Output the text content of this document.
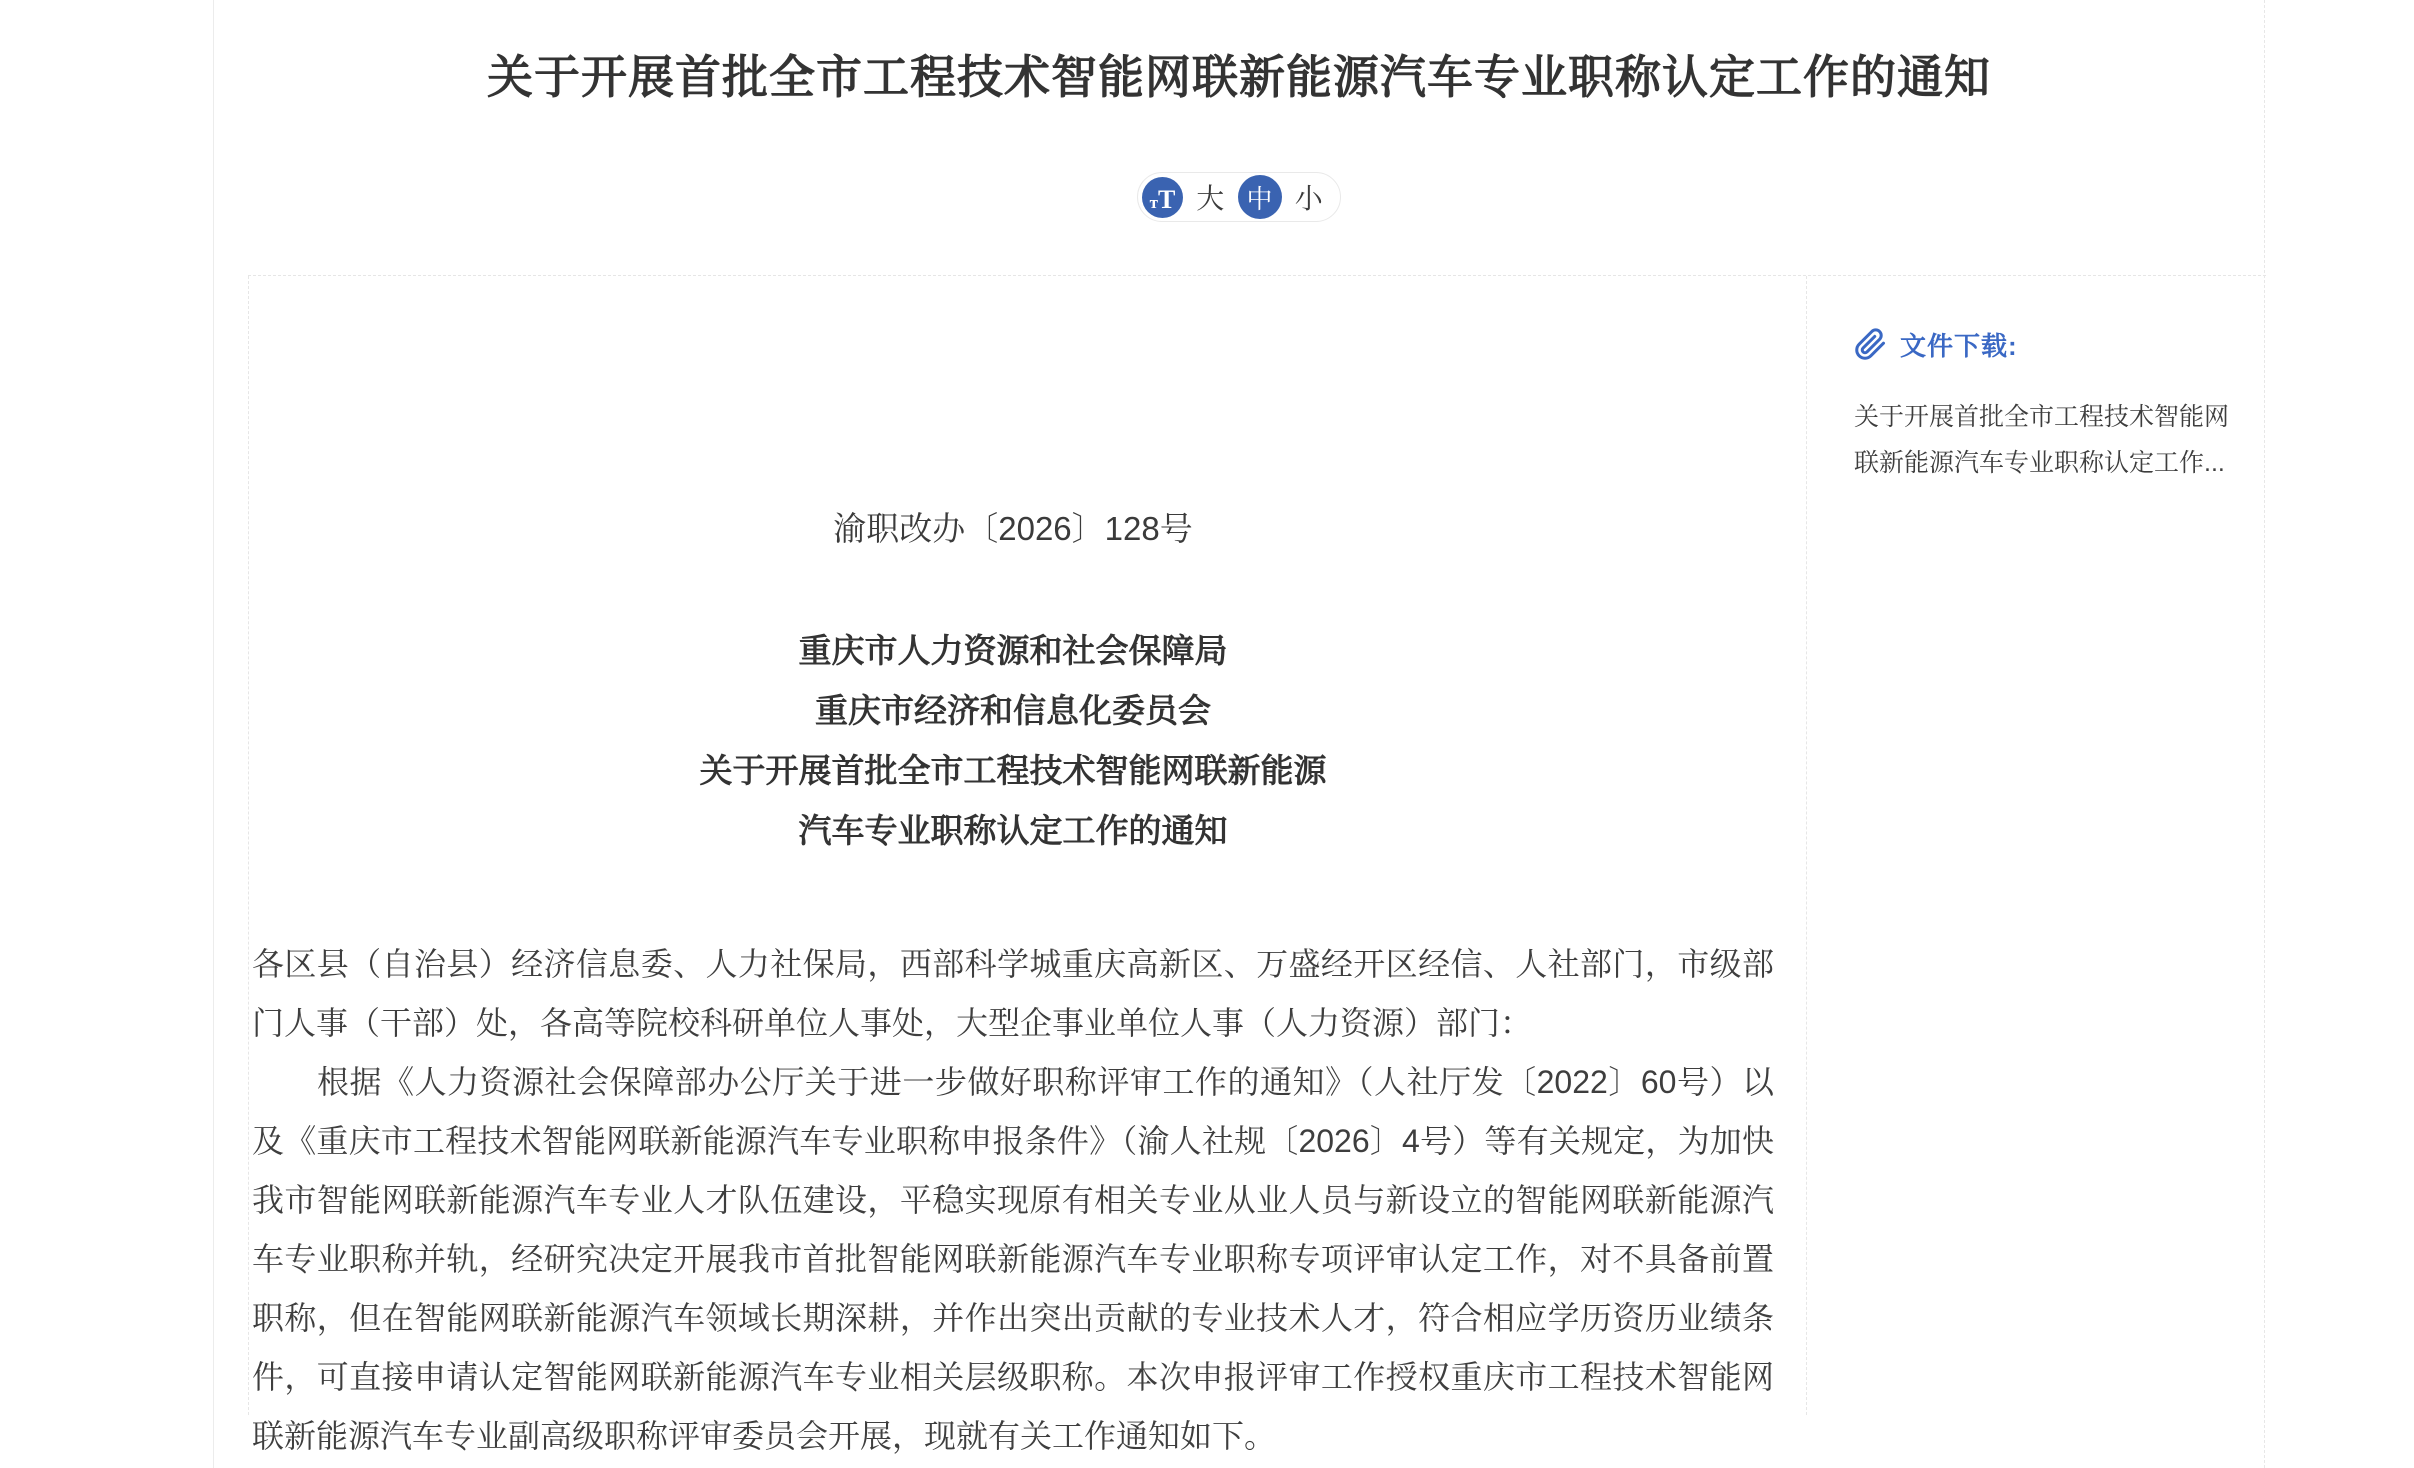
关于开展首批全市工程技术智能网联新能源汽车专业职称认定工作的通知
т T 大 中 小
渝职改办〔2026〕128号
重庆市人力资源和社会保障局
重庆市经济和信息化委员会
关于开展首批全市工程技术智能网联新能源
汽车专业职称认定工作的通知
各区县（自治县）经济信息委、人力社保局，西部科学城重庆高新区、万盛经开区经信、人社部门，市级部
门人事（干部）处，各高等院校科研单位人事处，大型企事业单位人事（人力资源）部门：
　　根据《人力资源社会保障部办公厅关于进一步做好职称评审工作的通知》（人社厅发〔2022〕60号）以
及《重庆市工程技术智能网联新能源汽车专业职称申报条件》（渝人社规〔2026〕4号）等有关规定，为加快
我市智能网联新能源汽车专业人才队伍建设，平稳实现原有相关专业从业人员与新设立的智能网联新能源汽
车专业职称并轨，经研究决定开展我市首批智能网联新能源汽车专业职称专项评审认定工作，对不具备前置
职称，但在智能网联新能源汽车领域长期深耕，并作出突出贡献的专业技术人才，符合相应学历资历业绩条
件，可直接申请认定智能网联新能源汽车专业相关层级职称。本次申报评审工作授权重庆市工程技术智能网
联新能源汽车专业副高级职称评审委员会开展，现就有关工作通知如下。
文件下载:
关于开展首批全市工程技术智能网
联新能源汽车专业职称认定工作...
